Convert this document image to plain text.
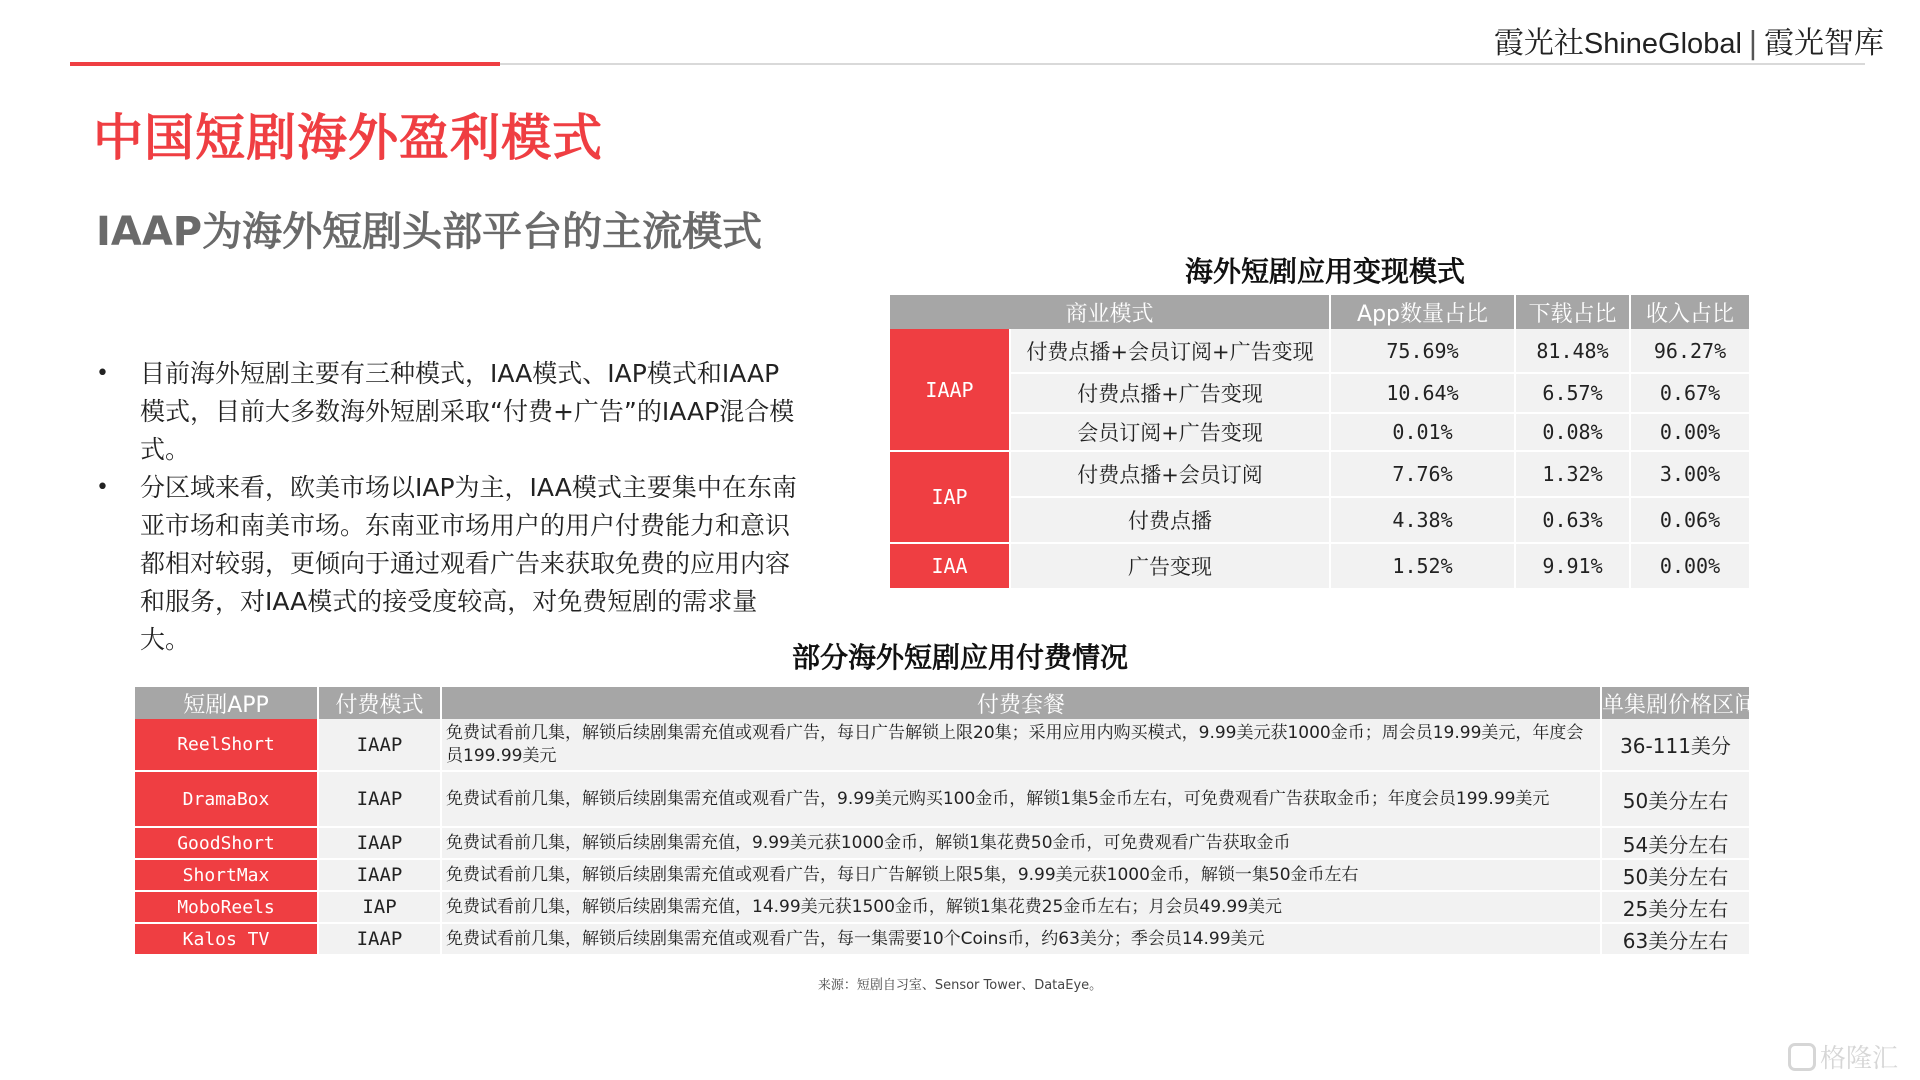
霞光社ShineGlobal | 霞光智库
中国短剧海外盈利模式
IAAP为海外短剧头部平台的主流模式
• 目前海外短剧主要有三种模式，IAA模式、IAP模式和IAAP模式，目前大多数海外短剧采取“付费+广告”的IAAP混合模式。
• 分区域来看，欧美市场以IAP为主，IAA模式主要集中在东南亚市场和南美市场。东南亚市场用户的用户付费能力和意识都相对较弱，更倾向于通过观看广告来获取免费的应用内容和服务，对IAA模式的接受度较高，对免费短剧的需求量大。
海外短剧应用变现模式
商业模式		App数量占比	下载占比	收入占比
IAAP	付费点播+会员订阅+广告变现	75.69%	81.48%	96.27%
	付费点播+广告变现	10.64%	6.57%	0.67%
	会员订阅+广告变现	0.01%	0.08%	0.00%
IAP	付费点播+会员订阅	7.76%	1.32%	3.00%
	付费点播	4.38%	0.63%	0.06%
IAA	广告变现	1.52%	9.91%	0.00%
部分海外短剧应用付费情况
短剧APP	付费模式	付费套餐	单集剧价格区间
ReelShort	IAAP	免费试看前几集，解锁后续剧集需充值或观看广告，每日广告解锁上限20集；采用应用内购买模式，9.99美元获1000金币；周会员19.99美元，年度会员199.99美元	36-111美分
DramaBox	IAAP	免费试看前几集，解锁后续剧集需充值或观看广告，9.99美元购买100金币，解锁1集5金币左右，可免费观看广告获取金币；年度会员199.99美元	50美分左右
GoodShort	IAAP	免费试看前几集，解锁后续剧集需充值，9.99美元获1000金币，解锁1集花费50金币，可免费观看广告获取金币	54美分左右
ShortMax	IAAP	免费试看前几集，解锁后续剧集需充值或观看广告，每日广告解锁上限5集，9.99美元获1000金币，解锁一集50金币左右	50美分左右
MoboReels	IAP	免费试看前几集，解锁后续剧集需充值，14.99美元获1500金币，解锁1集花费25金币左右；月会员49.99美元	25美分左右
Kalos TV	IAAP	免费试看前几集，解锁后续剧集需充值或观看广告，每一集需要10个Coins币，约63美分；季会员14.99美元	63美分左右
来源：短剧自习室、Sensor Tower、DataEye。
格隆汇
